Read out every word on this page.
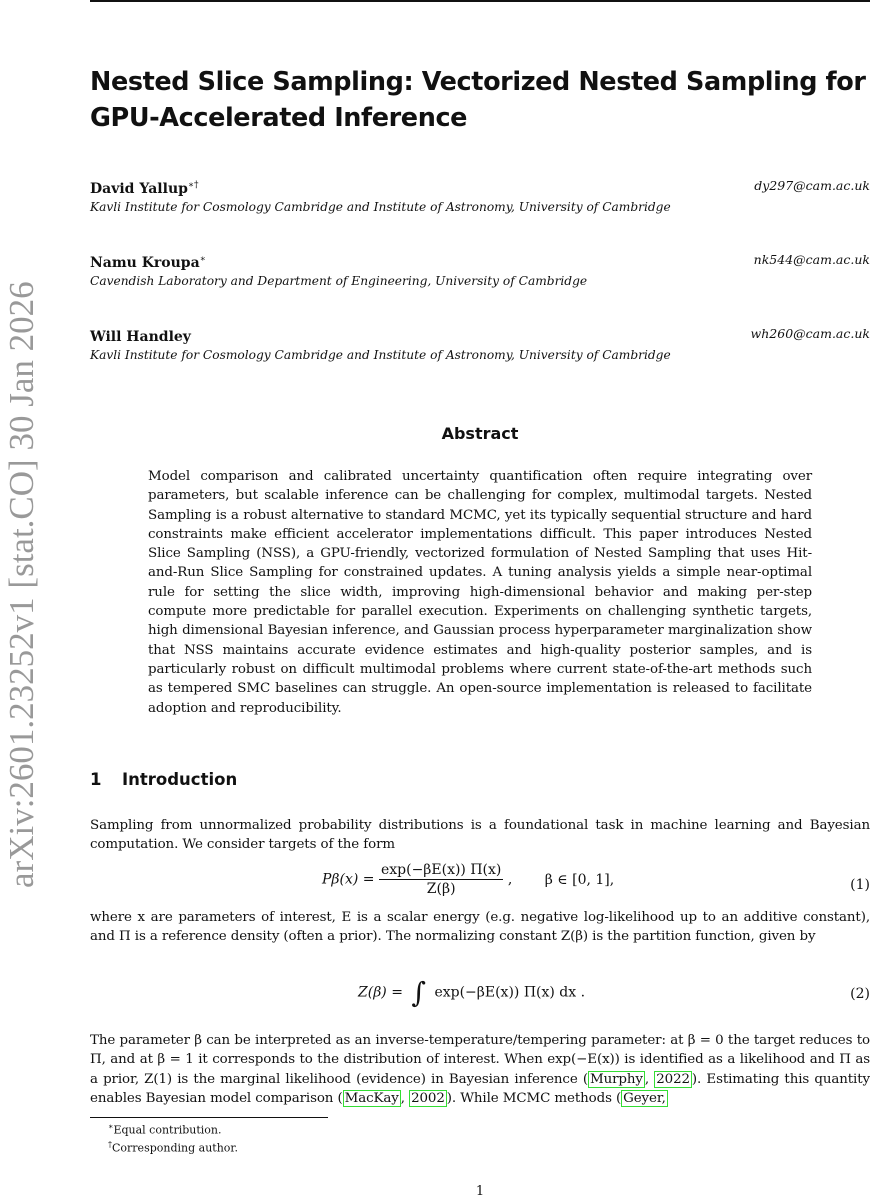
arXiv:2601.23252v1 [stat.CO] 30 Jan 2026
Nested Slice Sampling: Vectorized Nested Sampling for
GPU-Accelerated Inference
David Yallup∗†	dy297@cam.ac.uk
Kavli Institute for Cosmology Cambridge and Institute of Astronomy, University of Cambridge
Namu Kroupa∗	nk544@cam.ac.uk
Cavendish Laboratory and Department of Engineering, University of Cambridge
Will Handley	wh260@cam.ac.uk
Kavli Institute for Cosmology Cambridge and Institute of Astronomy, University of Cambridge
Abstract
Model comparison and calibrated uncertainty quantification often require integrating over parameters, but scalable inference can be challenging for complex, multimodal targets. Nested Sampling is a robust alternative to standard MCMC, yet its typically sequential structure and hard constraints make efficient accelerator implementations difficult. This paper introduces Nested Slice Sampling (NSS), a GPU-friendly, vectorized formulation of Nested Sampling that uses Hit-and-Run Slice Sampling for constrained updates. A tuning analysis yields a simple near-optimal rule for setting the slice width, improving high-dimensional behavior and making per-step compute more predictable for parallel execution. Experiments on challenging synthetic targets, high dimensional Bayesian inference, and Gaussian process hyperparameter marginalization show that NSS maintains accurate evidence estimates and high-quality posterior samples, and is particularly robust on difficult multimodal problems where current state-of-the-art methods such as tempered SMC baselines can struggle. An open-source implementation is released to facilitate adoption and reproducibility.
1 Introduction
Sampling from unnormalized probability distributions is a foundational task in machine learning and Bayesian computation. We consider targets of the form
$P\beta(x) = \frac{\exp(-\beta E(x)) \Pi(x)}{Z(\beta)}$ , β ∈ [0, 1],	(1)
where x are parameters of interest, E is a scalar energy (e.g. negative log-likelihood up to an additive constant), and Π is a reference density (often a prior). The normalizing constant Z(β) is the partition function, given by
Z(β) = ∫ exp(−βE(x)) Π(x) dx .	(2)
The parameter β can be interpreted as an inverse-temperature/tempering parameter: at β = 0 the target reduces to Π, and at β = 1 it corresponds to the distribution of interest. When exp(−E(x)) is identified as a likelihood and Π as a prior, Z(1) is the marginal likelihood (evidence) in Bayesian inference ( Murphy , 2022 ). Estimating this quantity enables Bayesian model comparison ( MacKay , 2002 ). While MCMC methods ( Geyer,
∗Equal contribution.
†Corresponding author.
1
